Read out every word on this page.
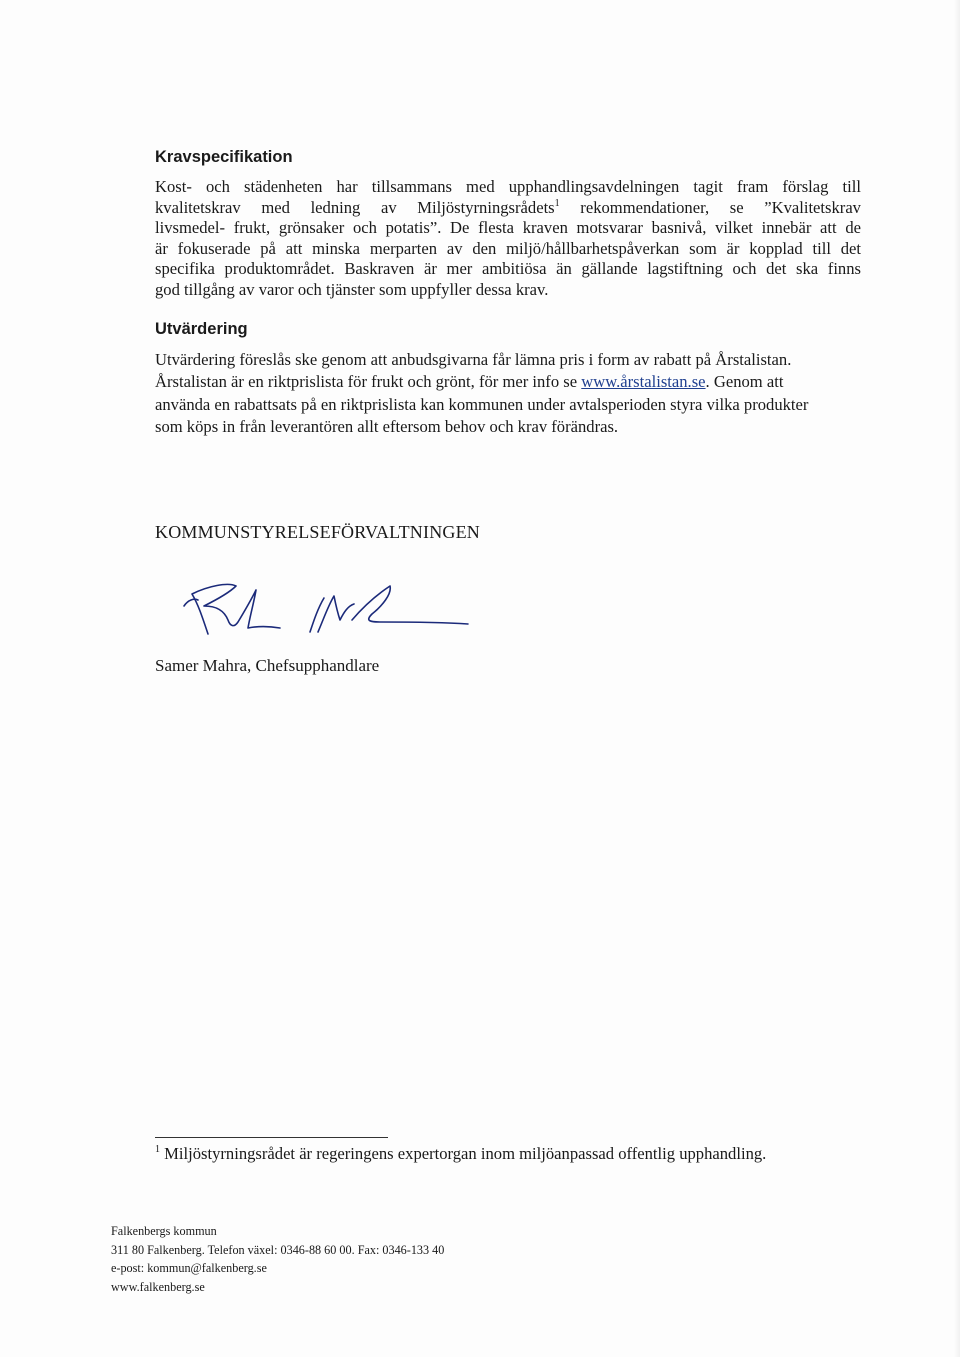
Kravspecifikation
Kost- och städenheten har tillsammans med upphandlingsavdelningen tagit fram förslag till
kvalitetskrav med ledning av Miljöstyrningsrådets$^1$ rekommendationer, se ”Kvalitetskrav
livsmedel- frukt, grönsaker och potatis”. De flesta kraven motsvarar basnivå, vilket innebär att de
är fokuserade på att minska merparten av den miljö/hållbarhetspåverkan som är kopplad till det
specifika produktområdet. Baskraven är mer ambitiösa än gällande lagstiftning och det ska finns
god tillgång av varor och tjänster som uppfyller dessa krav.
Utvärdering
Utvärdering föreslås ske genom att anbudsgivarna får lämna pris i form av rabatt på Årstalistan.
Årstalistan är en riktprislista för frukt och grönt, för mer info se www.årstalistan.se. Genom att
använda en rabattsats på en riktprislista kan kommunen under avtalsperioden styra vilka produkter
som köps in från leverantören allt eftersom behov och krav förändras.

KOMMUNSTYRELSEFÖRVALTNINGEN

Samer Mahra, Chefsupphandlare

$^1$ Miljöstyrningsrådet är regeringens expertorgan inom miljöanpassad offentlig upphandling.

Falkenbergs kommun
311 80 Falkenberg. Telefon växel: 0346-88 60 00. Fax: 0346-133 40
e-post: kommun@falkenberg.se
www.falkenberg.se
